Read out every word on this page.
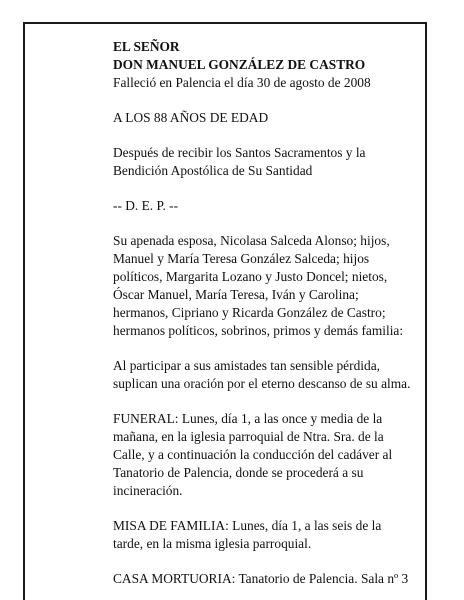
EL SEÑOR

DON MANUEL GONZÁLEZ DE CASTRO

Falleció en Palencia el día 30 de agosto de 2008

A LOS 88 AÑOS DE EDAD

Después de recibir los Santos Sacramentos y la

Bendición Apostólica de Su Santidad

-- D. E. P. --

Su apenada esposa, Nicolasa Salceda Alonso; hijos,

Manuel y María Teresa González Salceda; hijos

políticos, Margarita Lozano y Justo Doncel; nietos,

Óscar Manuel, María Teresa, Iván y Carolina;

hermanos, Cipriano y Ricarda González de Castro;

hermanos políticos, sobrinos, primos y demás familia:

Al participar a sus amistades tan sensible pérdida,

suplican una oración por el eterno descanso de su alma.

FUNERAL: Lunes, día 1, a las once y media de la

mañana, en la iglesia parroquial de Ntra. Sra. de la

Calle, y a continuación la conducción del cadáver al

Tanatorio de Palencia, donde se procederá a su

incineración.

MISA DE FAMILIA: Lunes, día 1, a las seis de la

tarde, en la misma iglesia parroquial.

CASA MORTUORIA: Tanatorio de Palencia. Sala nº 3
